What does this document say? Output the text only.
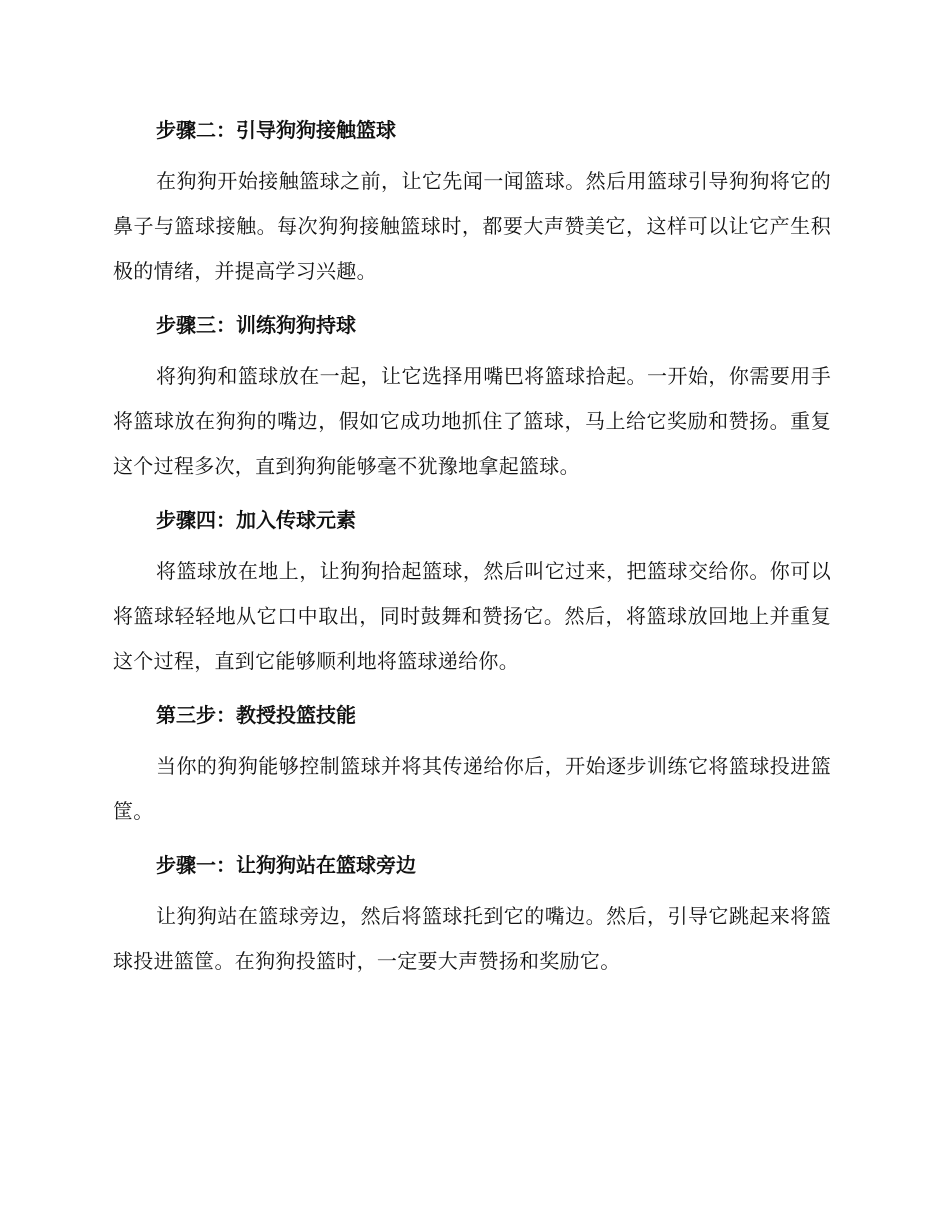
步骤二：引导狗狗接触篮球

在狗狗开始接触篮球之前，让它先闻一闻篮球。然后用篮球引导狗狗将它的鼻子与篮球接触。每次狗狗接触篮球时，都要大声赞美它，这样可以让它产生积极的情绪，并提高学习兴趣。

步骤三：训练狗狗持球

将狗狗和篮球放在一起，让它选择用嘴巴将篮球拾起。一开始，你需要用手将篮球放在狗狗的嘴边，假如它成功地抓住了篮球，马上给它奖励和赞扬。重复这个过程多次，直到狗狗能够毫不犹豫地拿起篮球。

步骤四：加入传球元素

将篮球放在地上，让狗狗拾起篮球，然后叫它过来，把篮球交给你。你可以将篮球轻轻地从它口中取出，同时鼓舞和赞扬它。然后，将篮球放回地上并重复这个过程，直到它能够顺利地将篮球递给你。

第三步：教授投篮技能

当你的狗狗能够控制篮球并将其传递给你后，开始逐步训练它将篮球投进篮筐。

步骤一：让狗狗站在篮球旁边

让狗狗站在篮球旁边，然后将篮球托到它的嘴边。然后，引导它跳起来将篮球投进篮筐。在狗狗投篮时，一定要大声赞扬和奖励它。
